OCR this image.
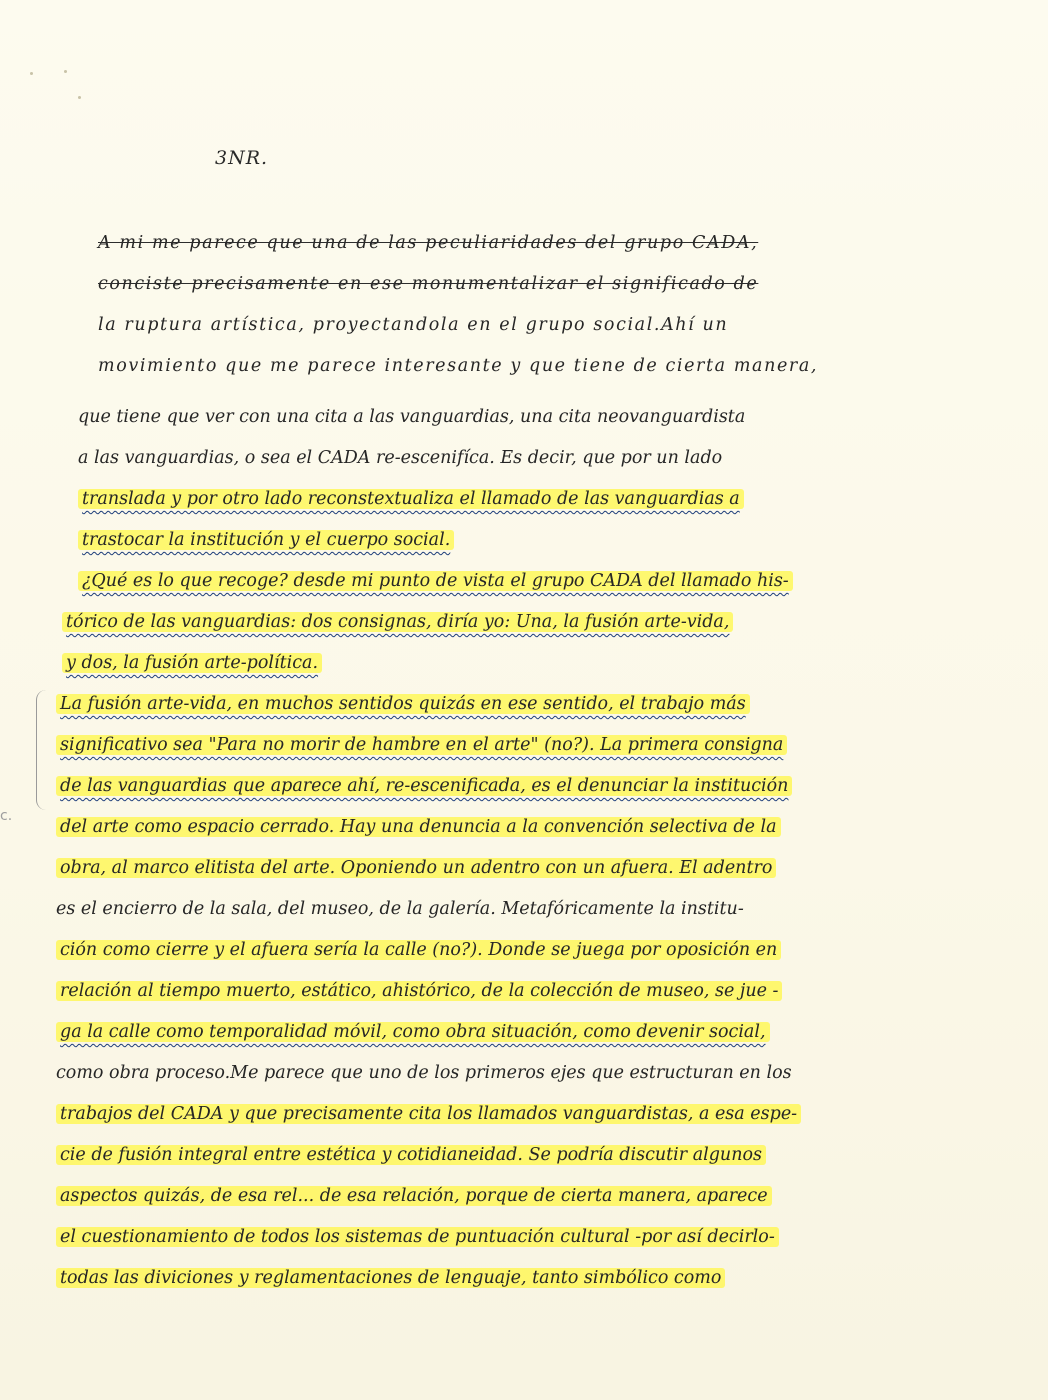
3NR.
A mi me parece que una de las peculiaridades del grupo CADA,
conciste precisamente en ese monumentalizar el significado de
la ruptura artística, proyectandola en el grupo social.Ahí un
movimiento que me parece interesante y que tiene de cierta manera,
que tiene que ver con una cita a las vanguardias, una cita neovanguardista
a las vanguardias, o sea el CADA re-escenifíca. Es decir, que por un lado
translada y por otro lado reconstextualiza el llamado de las vanguardias a
trastocar la institución y el cuerpo social.
¿Qué es lo que recoge? desde mi punto de vista el grupo CADA del llamado his-
tórico de las vanguardias: dos consignas, diría yo: Una, la fusión arte-vida,
y dos, la fusión arte-política.
La fusión arte-vida, en muchos sentidos quizás en ese sentido, el trabajo más
significativo sea "Para no morir de hambre en el arte" (no?). La primera consigna
de las vanguardias que aparece ahí, re-escenificada, es el denunciar la institución
del arte como espacio cerrado. Hay una denuncia a la convención selectiva de la
obra, al marco elitista del arte. Oponiendo un adentro con un afuera. El adentro
es el encierro de la sala, del museo, de la galería. Metafóricamente la institu-
ción como cierre y el afuera sería la calle (no?). Donde se juega por oposición en
relación al tiempo muerto, estático, ahistórico, de la colección de museo, se jue -
ga la calle como temporalidad móvil, como obra situación, como devenir social,
como obra proceso.Me parece que uno de los primeros ejes que estructuran en los
trabajos del CADA y que precisamente cita los llamados vanguardistas, a esa espe-
cie de fusión integral entre estética y cotidianeidad. Se podría discutir algunos
aspectos quizás, de esa rel... de esa relación, porque de cierta manera, aparece
el cuestionamiento de todos los sistemas de puntuación cultural -por así decirlo-
todas las diviciones y reglamentaciones de lenguaje, tanto simbólico como
c.
